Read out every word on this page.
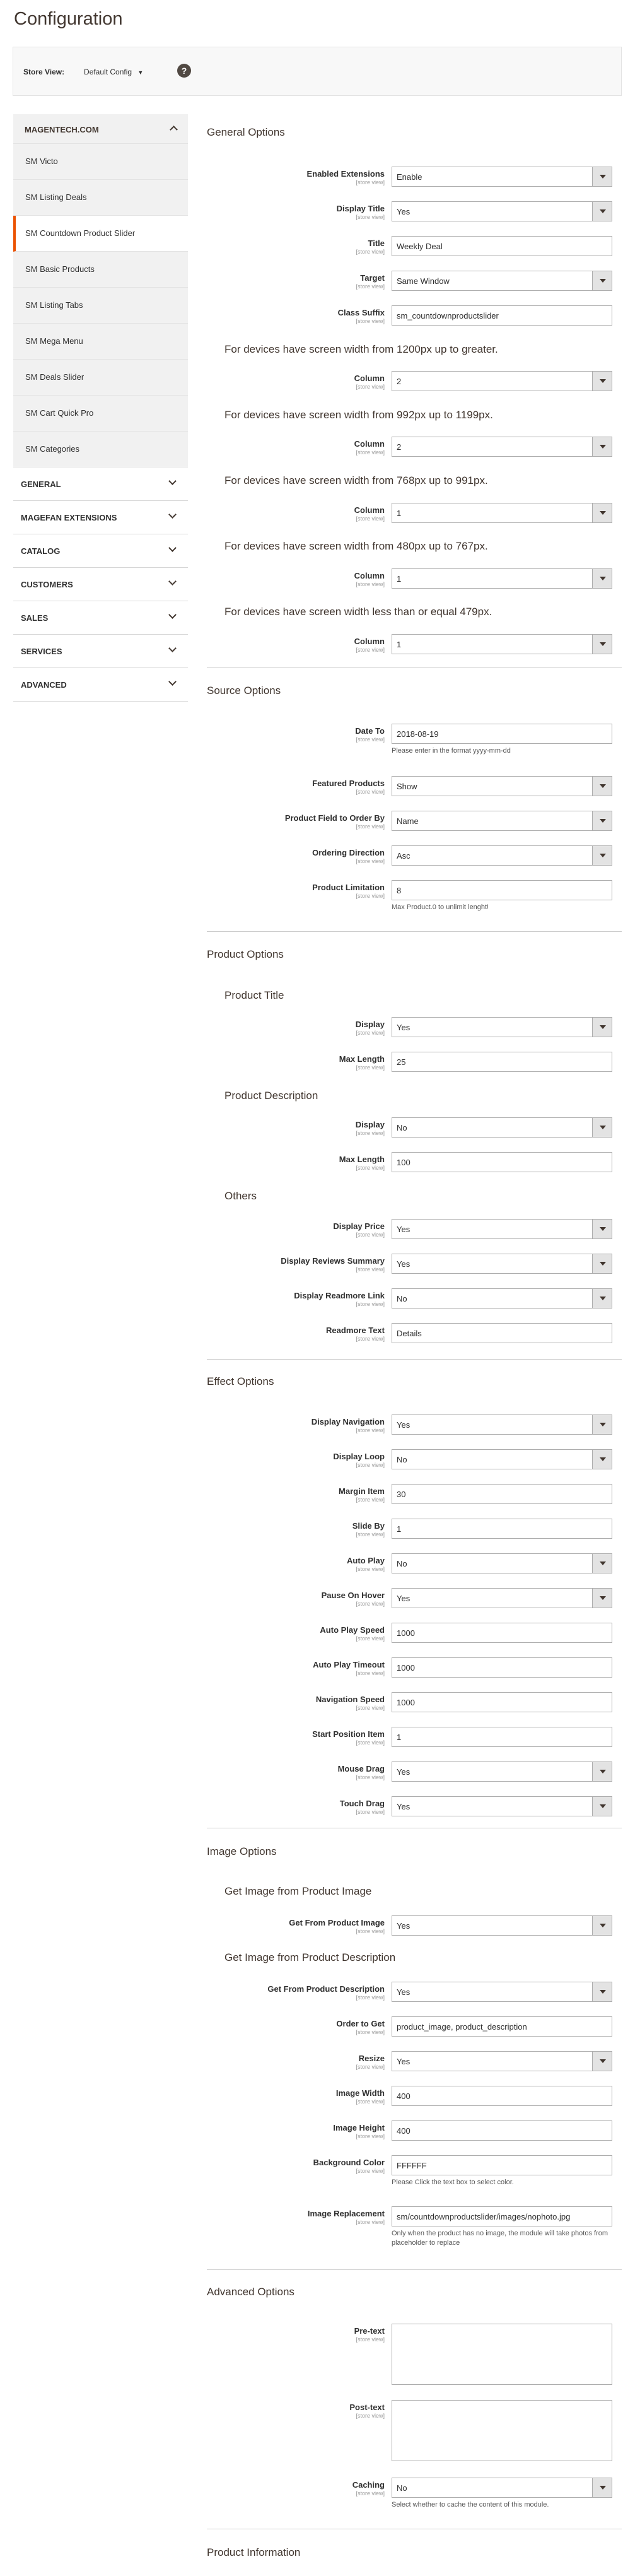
Configuration
Store View:	Default Config ▼	?
MAGENTECH.COM
SM Victo
SM Listing Deals
SM Countdown Product Slider
SM Basic Products
SM Listing Tabs
SM Mega Menu
SM Deals Slider
SM Cart Quick Pro
SM Categories
GENERAL
MAGEFAN EXTENSIONS
CATALOG
CUSTOMERS
SALES
SERVICES
ADVANCED
General Options
Enabled Extensions
[store view]
Enable
Display Title
[store view]
Yes
Title
[store view]
Weekly Deal
Target
[store view]
Same Window
Class Suffix
[store view]
sm_countdownproductslider
For devices have screen width from 1200px up to greater.
Column
[store view]
2
For devices have screen width from 992px up to 1199px.
Column
[store view]
2
For devices have screen width from 768px up to 991px.
Column
[store view]
1
For devices have screen width from 480px up to 767px.
Column
[store view]
1
For devices have screen width less than or equal 479px.
Column
[store view]
1
Source Options
Date To
[store view]
2018-08-19
Please enter in the format yyyy-mm-dd
Featured Products
[store view]
Show
Product Field to Order By
[store view]
Name
Ordering Direction
[store view]
Asc
Product Limitation
[store view]
8
Max Product.0 to unlimit lenght!
Product Options
Product Title
Display
[store view]
Yes
Max Length
[store view]
25
Product Description
Display
[store view]
No
Max Length
[store view]
100
Others
Display Price
[store view]
Yes
Display Reviews Summary
[store view]
Yes
Display Readmore Link
[store view]
No
Readmore Text
[store view]
Details
Effect Options
Display Navigation
[store view]
Yes
Display Loop
[store view]
No
Margin Item
[store view]
30
Slide By
[store view]
1
Auto Play
[store view]
No
Pause On Hover
[store view]
Yes
Auto Play Speed
[store view]
1000
Auto Play Timeout
[store view]
1000
Navigation Speed
[store view]
1000
Start Position Item
[store view]
1
Mouse Drag
[store view]
Yes
Touch Drag
[store view]
Yes
Image Options
Get Image from Product Image
Get From Product Image
[store view]
Yes
Get Image from Product Description
Get From Product Description
[store view]
Yes
Order to Get
[store view]
product_image, product_description
Resize
[store view]
Yes
Image Width
[store view]
400
Image Height
[store view]
400
Background Color
[store view]
FFFFFF
Please Click the text box to select color.
Image Replacement
[store view]
sm/countdownproductslider/images/nophoto.jpg
Only when the product has no image, the module will take photos from placeholder to replace
Advanced Options
Pre-text
[store view]
Post-text
[store view]
Caching
[store view]
No
Select whether to cache the content of this module.
Product Information
